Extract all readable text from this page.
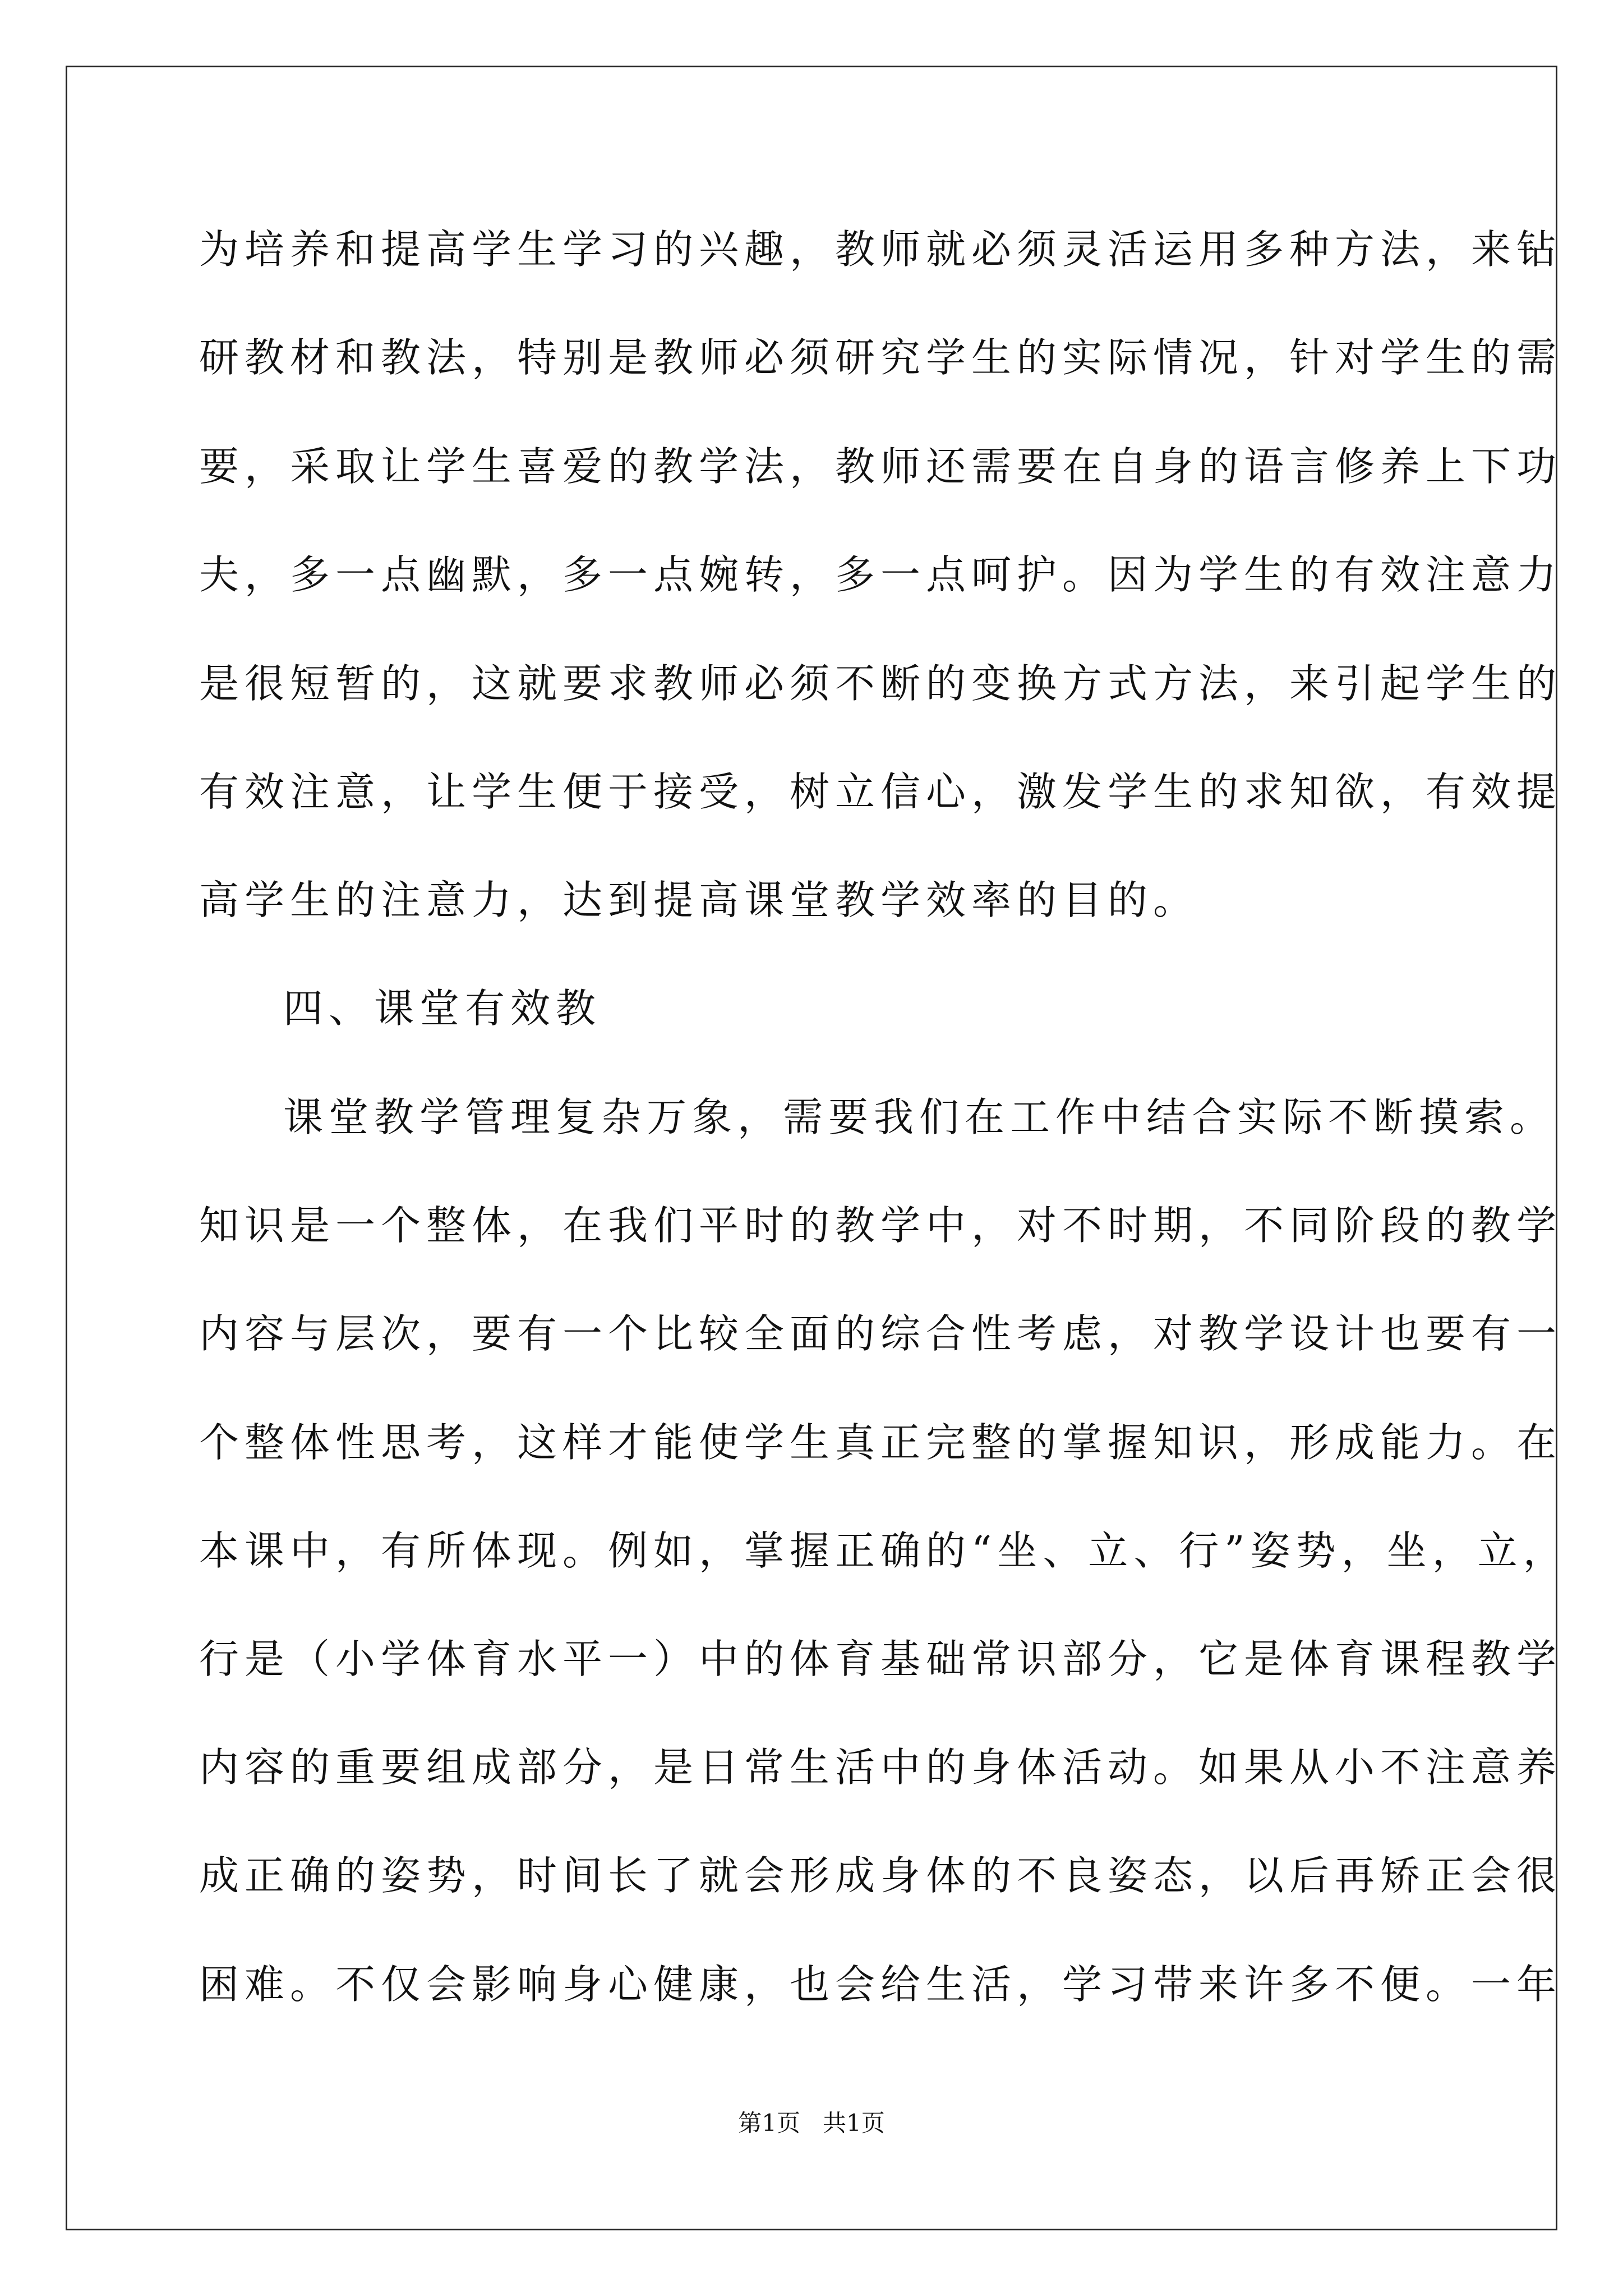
为培养和提高学生学习的兴趣，教师就必须灵活运用多种方法，来钻
研教材和教法，特别是教师必须研究学生的实际情况，针对学生的需
要，采取让学生喜爱的教学法，教师还需要在自身的语言修养上下功
夫，多一点幽默，多一点婉转，多一点呵护。因为学生的有效注意力
是很短暂的，这就要求教师必须不断的变换方式方法，来引起学生的
有效注意，让学生便于接受，树立信心，激发学生的求知欲，有效提
高学生的注意力，达到提高课堂教学效率的目的。
四、课堂有效教
课堂教学管理复杂万象，需要我们在工作中结合实际不断摸索。
知识是一个整体，在我们平时的教学中，对不时期，不同阶段的教学
内容与层次，要有一个比较全面的综合性考虑，对教学设计也要有一
个整体性思考，这样才能使学生真正完整的掌握知识，形成能力。在
本课中，有所体现。例如，掌握正确的“坐、立、行”姿势，坐，立，
行是（小学体育水平一）中的体育基础常识部分，它是体育课程教学
内容的重要组成部分，是日常生活中的身体活动。如果从小不注意养
成正确的姿势，时间长了就会形成身体的不良姿态，以后再矫正会很
困难。不仅会影响身心健康，也会给生活，学习带来许多不便。一年
第1页   共1页
